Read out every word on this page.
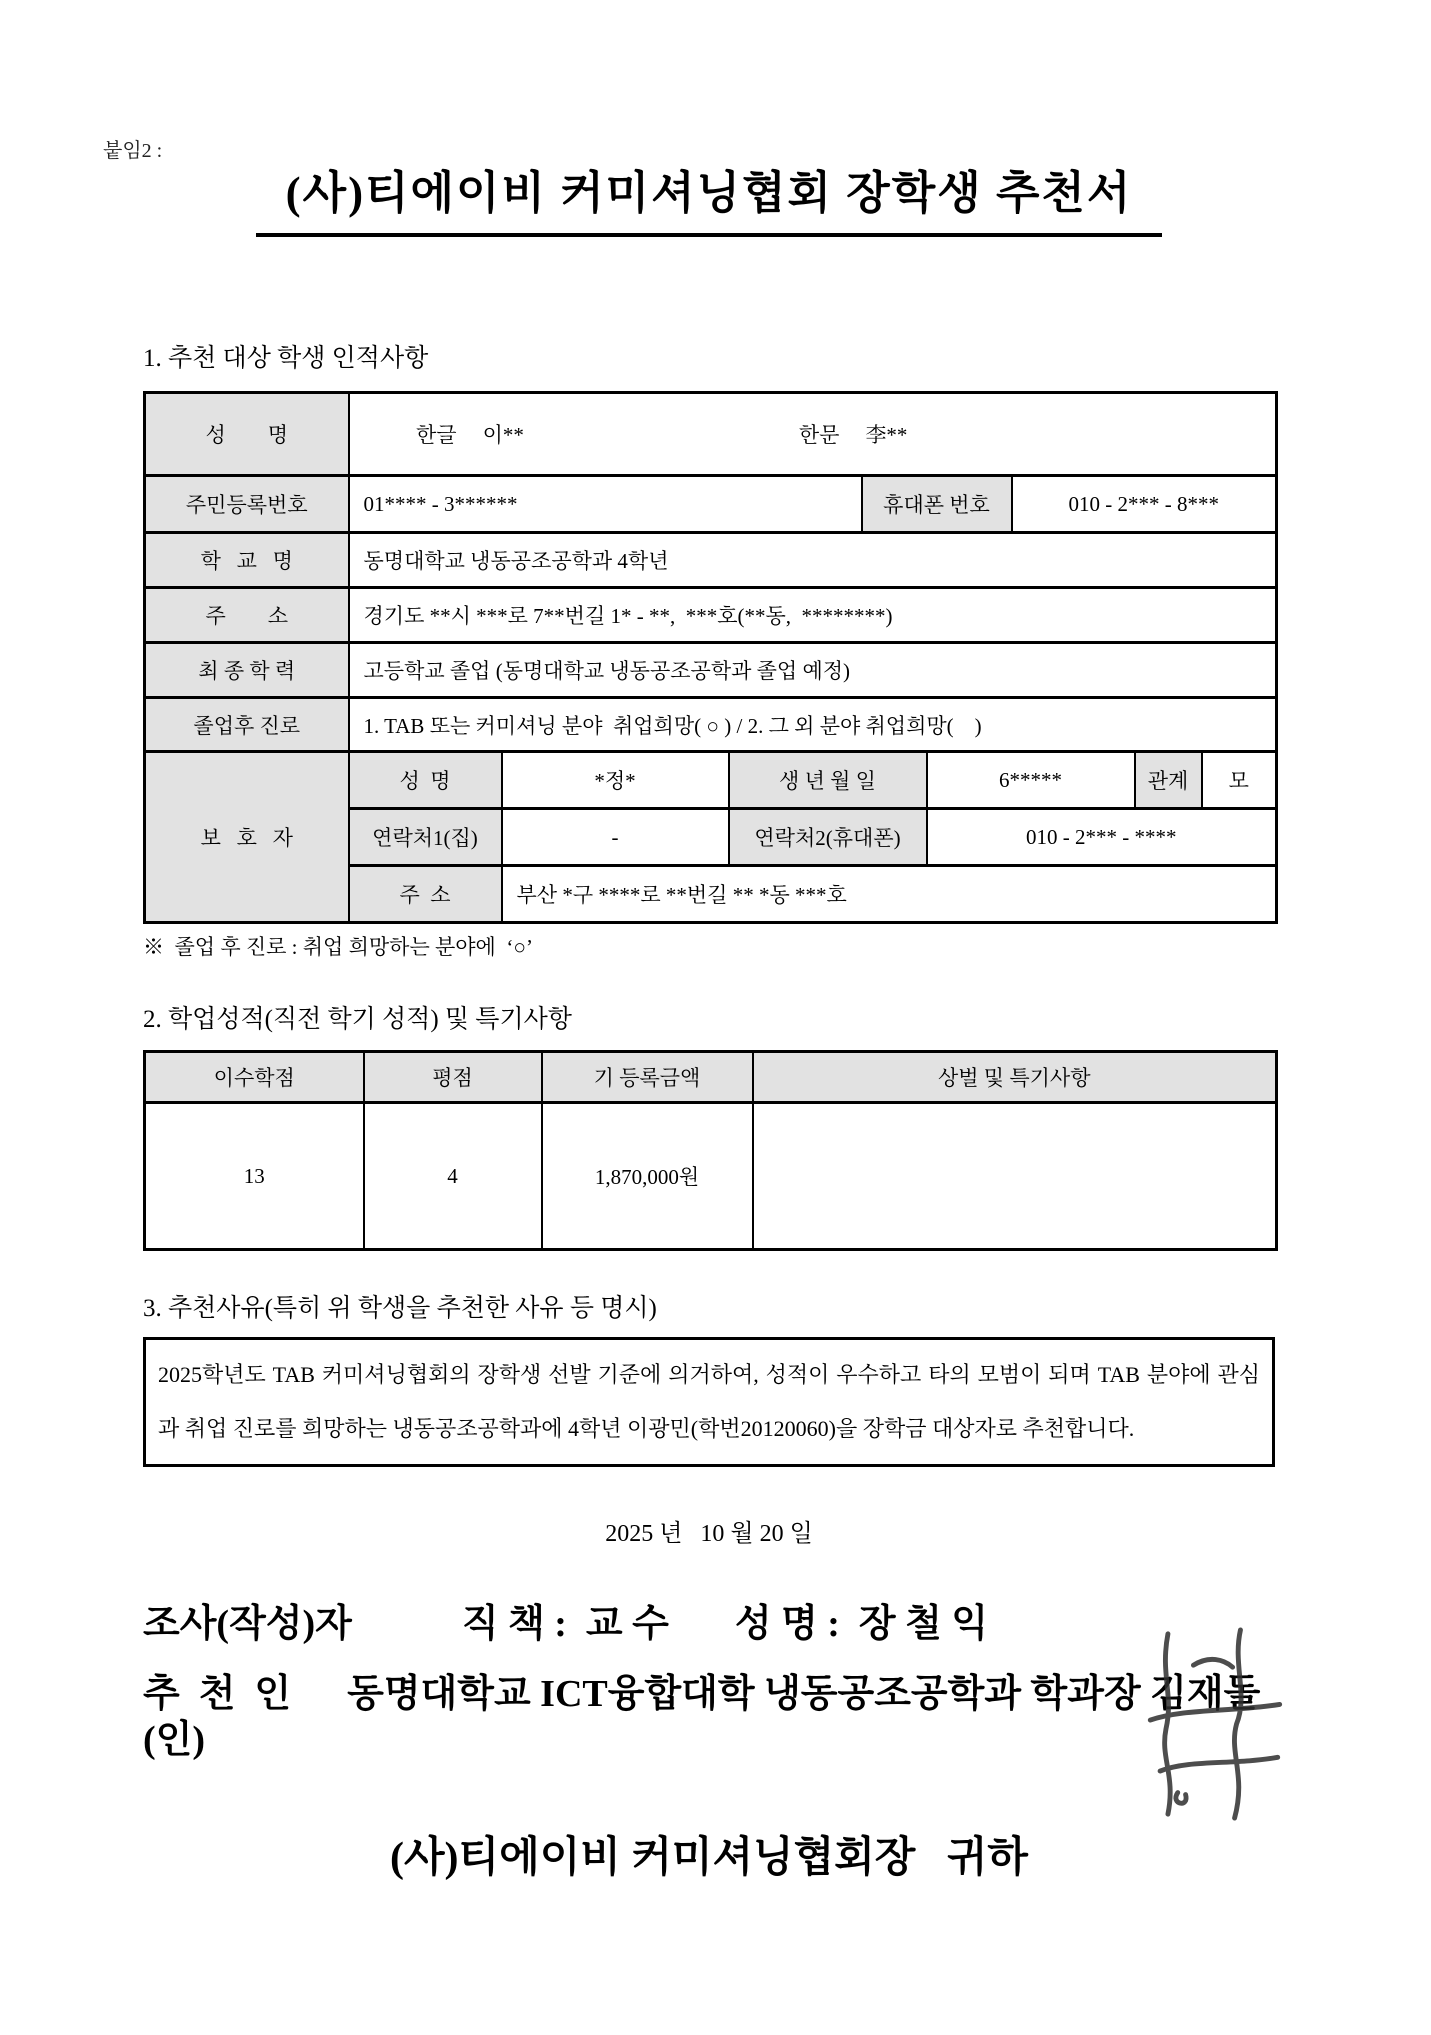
붙임2 :
(사)티에이비 커미셔닝협회 장학생 추천서
1. 추천 대상 학생 인적사항
성        명	한글 이** 한문 李**							

주민등록번호	01**** - 3******			휴대폰 번호		010 - 2*** - 8***		
학   교   명	동명대학교 냉동공조공학과 4학년							
주        소	경기도 **시 ***로 7**번길 1* - **,  ***호(**동,  ********)							
최 종 학 력	고등학교 졸업 (동명대학교 냉동공조공학과 졸업 예정)							
졸업후 진로	1. TAB 또는 커미셔닝 분야  취업희망( ○ ) / 2. 그 외 분야 취업희망(    )							
보   호   자	성  명	*정*	생 년 월 일		6*****		관계	모
	연락처1(집)	-	연락처2(휴대폰)		010 - 2*** - ****			
	주  소	부산 *구 ****로 **번길 ** *동 ***호						
※  졸업 후 진로 : 취업 희망하는 분야에  ‘○’
2. 학업성적(직전 학기 성적) 및 특기사항
이수학점	평점	기 등록금액	상벌 및 특기사항
13	4	1,870,000원	
3. 추천사유(특히 위 학생을 추천한 사유 등 명시)
2025학년도 TAB 커미셔닝협회의 장학생 선발 기준에 의거하여, 성적이 우수하고 타의 모범이 되며 TAB 분야에 관심과 취업 진로를 희망하는 냉동공조공학과에 4학년 이광민(학번20120060)을 장학금 대상자로 추천합니다.
2025 년   10 월 20 일
조사(작성)자	직 책 :  교 수 성 명 :  장 철 익
추  천  인 동명대학교 ICT융합대학 냉동공조공학과 학과장 김재돌  (인)
(사)티에이비 커미셔닝협회장   귀하
